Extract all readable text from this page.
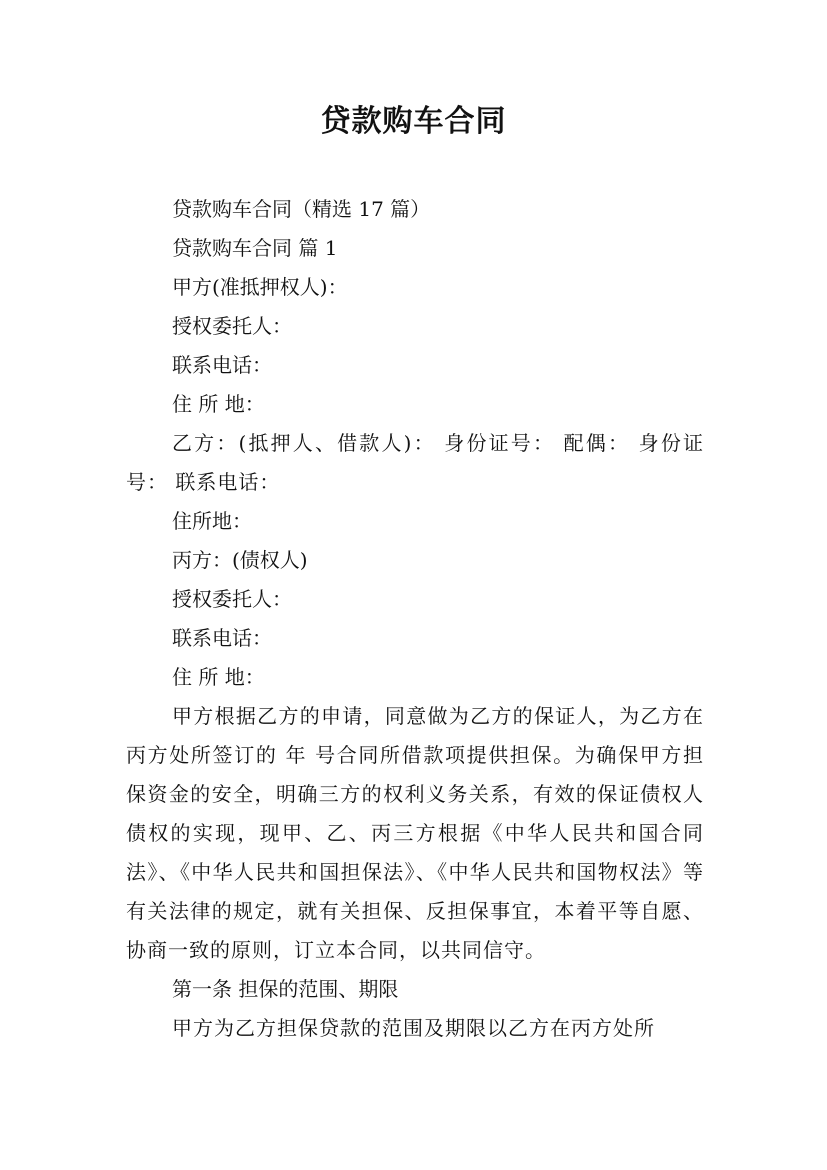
贷款购车合同

贷款购车合同（精选 17 篇）

贷款购车合同 篇 1

甲方(准抵押权人)：

授权委托人：

联系电话：

住 所 地：

乙方：(抵押人、借款人)： 身份证号： 配偶： 身份证号： 联系电话：

住所地：

丙方：(债权人)

授权委托人：

联系电话：

住 所 地：

甲方根据乙方的申请，同意做为乙方的保证人，为乙方在丙方处所签订的 年 号合同所借款项提供担保。为确保甲方担保资金的安全，明确三方的权利义务关系，有效的保证债权人债权的实现，现甲、乙、丙三方根据《中华人民共和国合同法》、《中华人民共和国担保法》、《中华人民共和国物权法》等有关法律的规定，就有关担保、反担保事宜，本着平等自愿、协商一致的原则，订立本合同，以共同信守。

第一条 担保的范围、期限

甲方为乙方担保贷款的范围及期限以乙方在丙方处所
